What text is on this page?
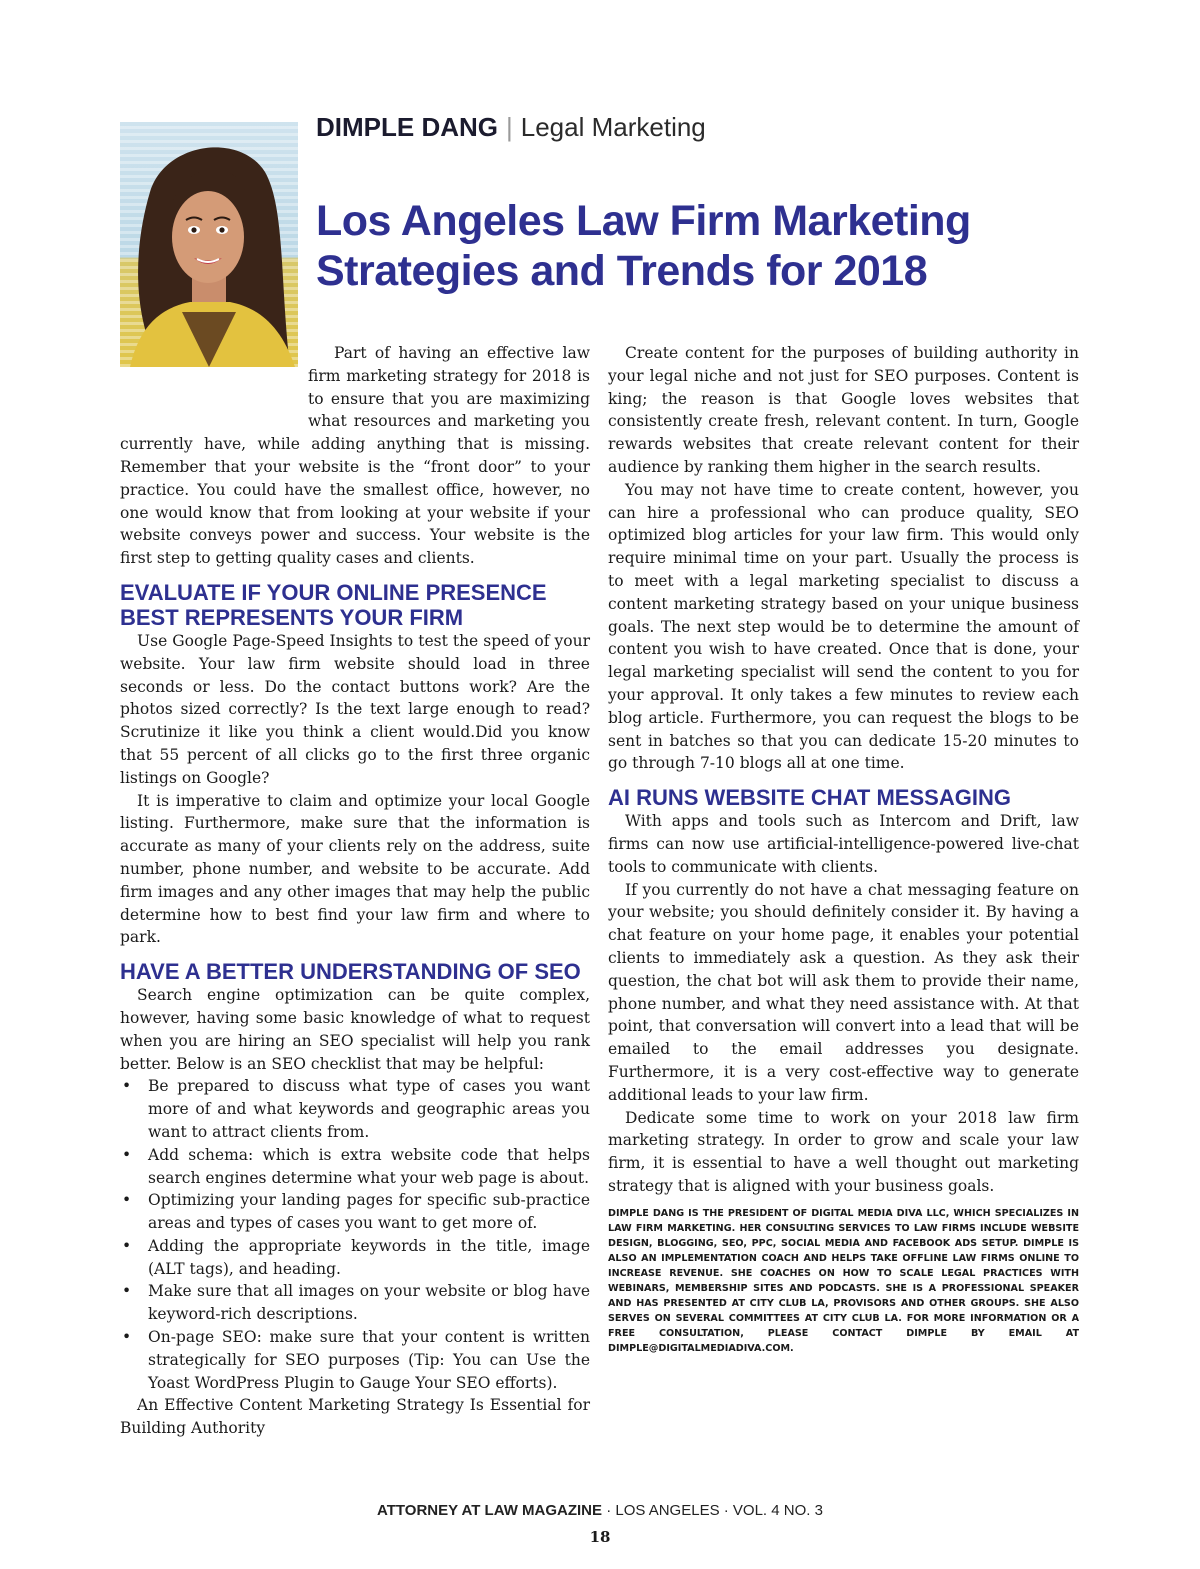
DIMPLE DANG | Legal Marketing
Los Angeles Law Firm Marketing Strategies and Trends for 2018

Part of having an effective law firm marketing strategy for 2018 is to ensure that you are maximizing what resources and marketing you currently have, while adding anything that is missing. Remember that your website is the “front door” to your practice. You could have the smallest office, however, no one would know that from looking at your website if your website conveys power and success. Your website is the first step to getting quality cases and clients.

EVALUATE IF YOUR ONLINE PRESENCE BEST REPRESENTS YOUR FIRM

Use Google Page-Speed Insights to test the speed of your website. Your law firm website should load in three seconds or less. Do the contact buttons work? Are the photos sized correctly? Is the text large enough to read? Scrutinize it like you think a client would.Did you know that 55 percent of all clicks go to the first three organic listings on Google?

It is imperative to claim and optimize your local Google listing. Furthermore, make sure that the information is accurate as many of your clients rely on the address, suite number, phone number, and website to be accurate. Add firm images and any other images that may help the public determine how to best find your law firm and where to park.

HAVE A BETTER UNDERSTANDING OF SEO

Search engine optimization can be quite complex, however, having some basic knowledge of what to request when you are hiring an SEO specialist will help you rank better. Below is an SEO checklist that may be helpful:

• Be prepared to discuss what type of cases you want more of and what keywords and geographic areas you want to attract clients from.
• Add schema: which is extra website code that helps search engines determine what your web page is about.
• Optimizing your landing pages for specific sub-practice areas and types of cases you want to get more of.
• Adding the appropriate keywords in the title, image (ALT tags), and heading.
• Make sure that all images on your website or blog have keyword-rich descriptions.
• On-page SEO: make sure that your content is written strategically for SEO purposes (Tip: You can Use the Yoast WordPress Plugin to Gauge Your SEO efforts).

An Effective Content Marketing Strategy Is Essential for Building Authority

Create content for the purposes of building authority in your legal niche and not just for SEO purposes. Content is king; the reason is that Google loves websites that consistently create fresh, relevant content. In turn, Google rewards websites that create relevant content for their audience by ranking them higher in the search results.

You may not have time to create content, however, you can hire a professional who can produce quality, SEO optimized blog articles for your law firm. This would only require minimal time on your part. Usually the process is to meet with a legal marketing specialist to discuss a content marketing strategy based on your unique business goals. The next step would be to determine the amount of content you wish to have created. Once that is done, your legal marketing specialist will send the content to you for your approval. It only takes a few minutes to review each blog article. Furthermore, you can request the blogs to be sent in batches so that you can dedicate 15-20 minutes to go through 7-10 blogs all at one time.

AI RUNS WEBSITE CHAT MESSAGING

With apps and tools such as Intercom and Drift, law firms can now use artificial-intelligence-powered live-chat tools to communicate with clients.

If you currently do not have a chat messaging feature on your website; you should definitely consider it. By having a chat feature on your home page, it enables your potential clients to immediately ask a question. As they ask their question, the chat bot will ask them to provide their name, phone number, and what they need assistance with. At that point, that conversation will convert into a lead that will be emailed to the email addresses you designate. Furthermore, it is a very cost-effective way to generate additional leads to your law firm.

Dedicate some time to work on your 2018 law firm marketing strategy. In order to grow and scale your law firm, it is essential to have a well thought out marketing strategy that is aligned with your business goals.

DIMPLE DANG IS THE PRESIDENT OF DIGITAL MEDIA DIVA LLC, WHICH SPECIALIZES IN LAW FIRM MARKETING. HER CONSULTING SERVICES TO LAW FIRMS INCLUDE WEBSITE DESIGN, BLOGGING, SEO, PPC, SOCIAL MEDIA AND FACEBOOK ADS SETUP. DIMPLE IS ALSO AN IMPLEMENTATION COACH AND HELPS TAKE OFFLINE LAW FIRMS ONLINE TO INCREASE REVENUE. SHE COACHES ON HOW TO SCALE LEGAL PRACTICES WITH WEBINARS, MEMBERSHIP SITES AND PODCASTS. SHE IS A PROFESSIONAL SPEAKER AND HAS PRESENTED AT CITY CLUB LA, PROVISORS AND OTHER GROUPS. SHE ALSO SERVES ON SEVERAL COMMITTEES AT CITY CLUB LA. FOR MORE INFORMATION OR A FREE CONSULTATION, PLEASE CONTACT DIMPLE BY EMAIL AT DIMPLE@DIGITALMEDIADIVA.COM.
ATTORNEY AT LAW MAGAZINE · LOS ANGELES · VOL. 4 NO. 3
18
